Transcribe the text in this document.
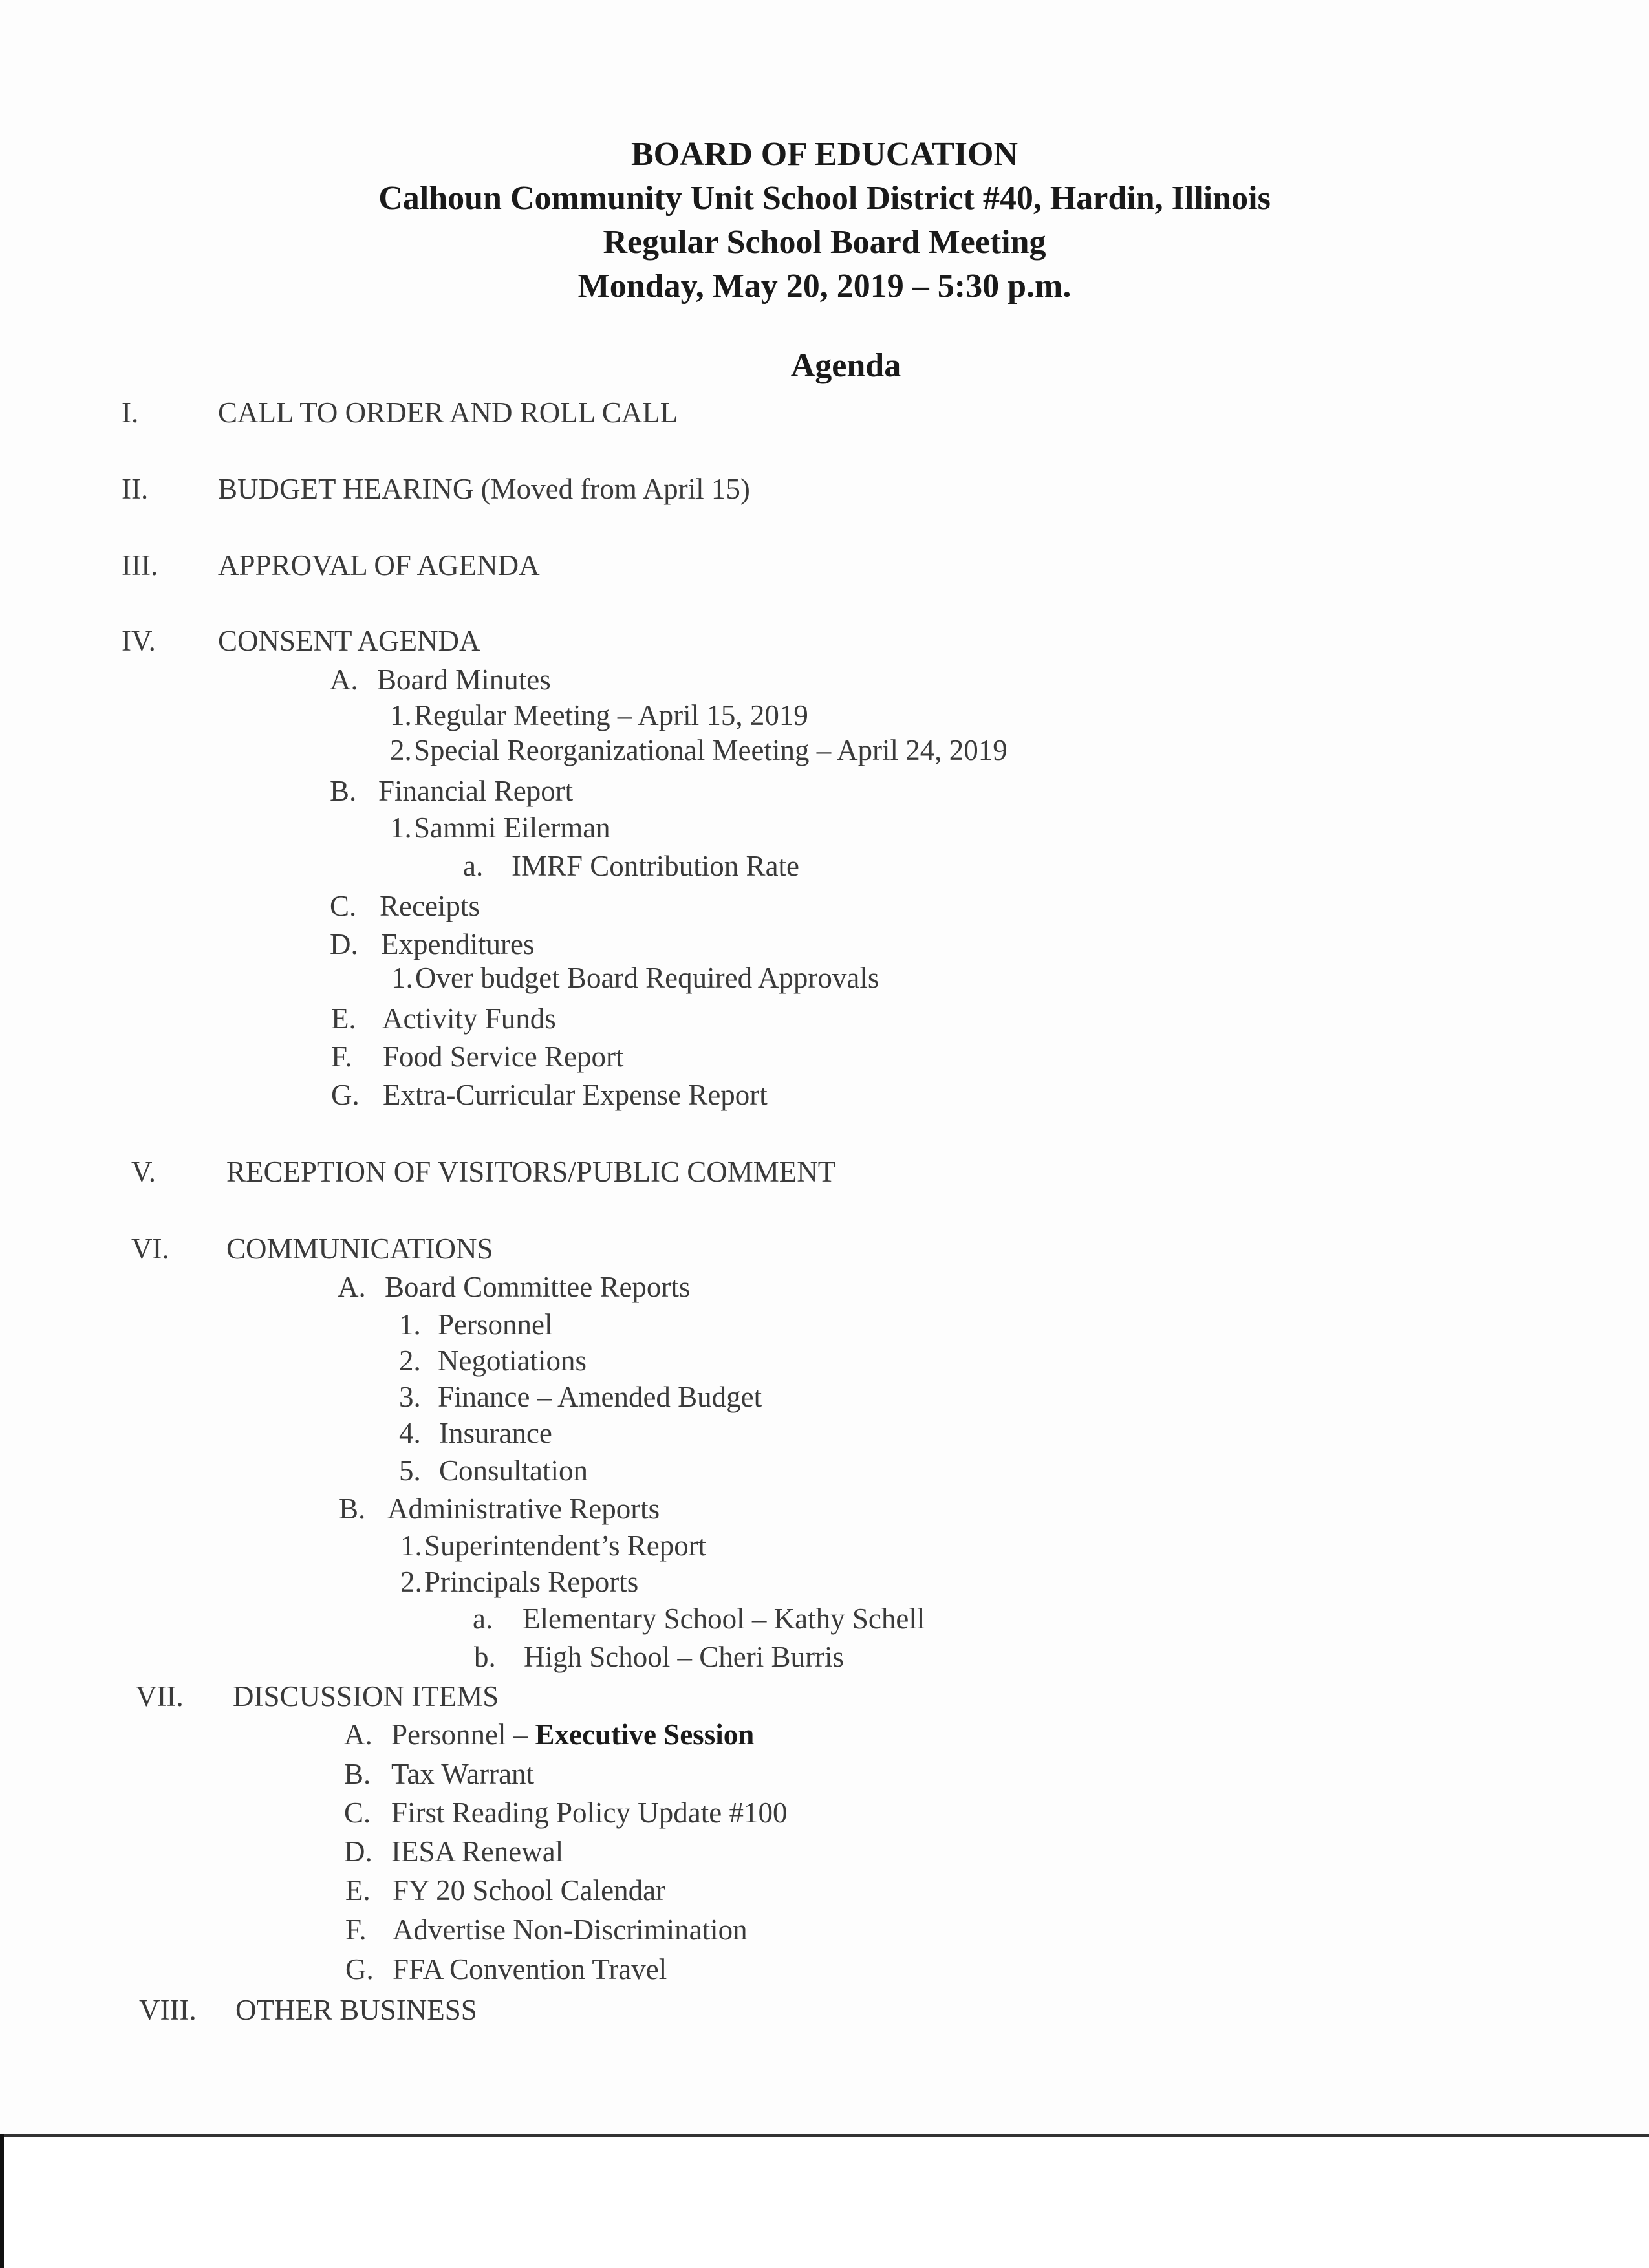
BOARD OF EDUCATION
Calhoun Community Unit School District #40, Hardin, Illinois
Regular School Board Meeting
Monday, May 20, 2019 – 5:30 p.m.
Agenda
I.	CALL TO ORDER AND ROLL CALL
II. BUDGET HEARING (Moved from April 15)
III. APPROVAL OF AGENDA
IV. CONSENT AGENDA
A. Board Minutes
1. Regular Meeting – April 15, 2019
2. Special Reorganizational Meeting – April 24, 2019
B. Financial Report
1. Sammi Eilerman
a. IMRF Contribution Rate
C. Receipts
D. Expenditures
1. Over budget Board Required Approvals
E. Activity Funds
F. Food Service Report
G. Extra-Curricular Expense Report
V. RECEPTION OF VISITORS/PUBLIC COMMENT
VI. COMMUNICATIONS
A. Board Committee Reports
1. Personnel
2. Negotiations
3. Finance – Amended Budget
4. Insurance
5. Consultation
B. Administrative Reports
1. Superintendent’s Report
2. Principals Reports
a. Elementary School – Kathy Schell
b. High School – Cheri Burris
VII. DISCUSSION ITEMS
A. Personnel – Executive Session
B. Tax Warrant
C. First Reading Policy Update #100
D. IESA Renewal
E. FY 20 School Calendar
F. Advertise Non-Discrimination
G. FFA Convention Travel
VIII. OTHER BUSINESS
